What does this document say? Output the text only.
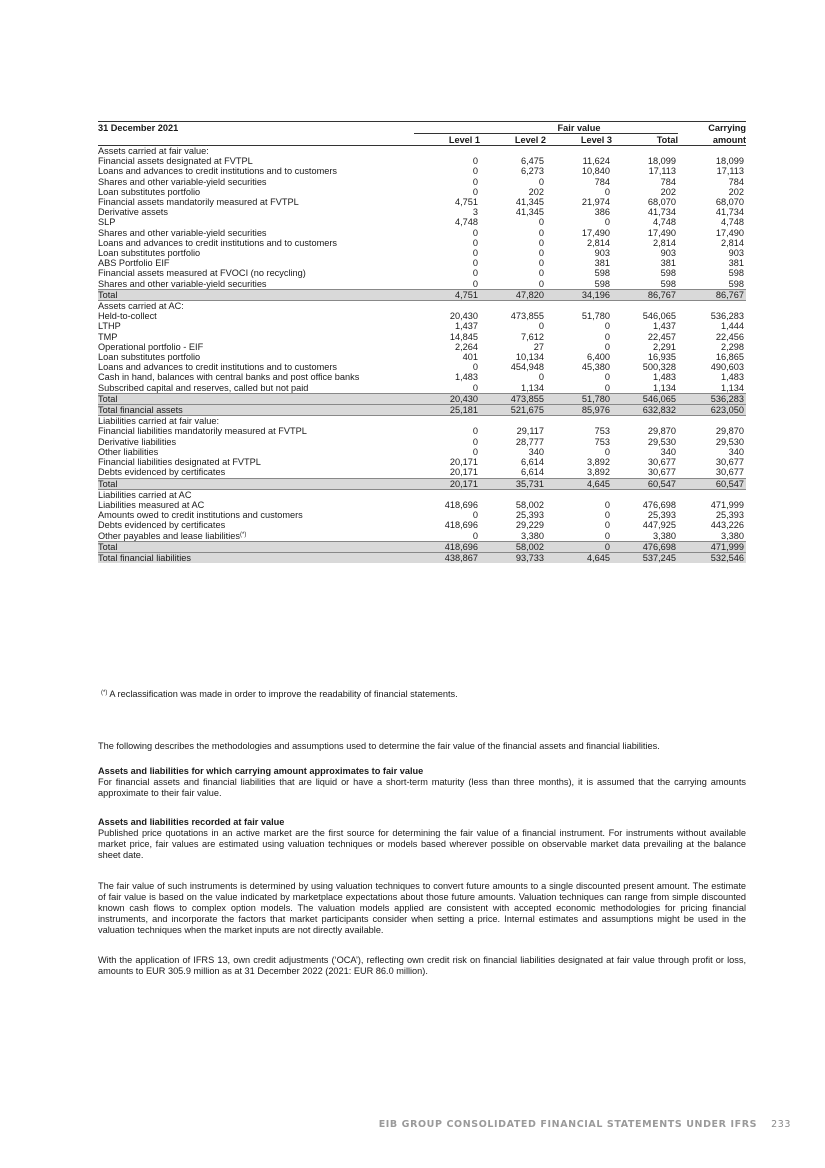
31 December 2021		Fair value			Carrying
	Level 1	Level 2	Level 3	Total	amount
Assets carried at fair value:					
Financial assets designated at FVTPL	0	6,475	11,624	18,099	18,099
Loans and advances to credit institutions and to customers	0	6,273	10,840	17,113	17,113
Shares and other variable-yield securities	0	0	784	784	784
Loan substitutes portfolio	0	202	0	202	202
Financial assets mandatorily measured at FVTPL	4,751	41,345	21,974	68,070	68,070
Derivative assets	3	41,345	386	41,734	41,734
SLP	4,748	0	0	4,748	4,748
Shares and other variable-yield securities	0	0	17,490	17,490	17,490
Loans and advances to credit institutions and to customers	0	0	2,814	2,814	2,814
Loan substitutes portfolio	0	0	903	903	903
ABS Portfolio EIF	0	0	381	381	381
Financial assets measured at FVOCI (no recycling)	0	0	598	598	598
Shares and other variable-yield securities	0	0	598	598	598
Total	4,751	47,820	34,196	86,767	86,767
Assets carried at AC:					
Held-to-collect	20,430	473,855	51,780	546,065	536,283
LTHP	1,437	0	0	1,437	1,444
TMP	14,845	7,612	0	22,457	22,456
Operational portfolio - EIF	2,264	27	0	2,291	2,298
Loan substitutes portfolio	401	10,134	6,400	16,935	16,865
Loans and advances to credit institutions and to customers	0	454,948	45,380	500,328	490,603
Cash in hand, balances with central banks and post office banks	1,483	0	0	1,483	1,483
Subscribed capital and reserves, called but not paid	0	1,134	0	1,134	1,134
Total	20,430	473,855	51,780	546,065	536,283
Total financial assets	25,181	521,675	85,976	632,832	623,050
Liabilities carried at fair value:					
Financial liabilities mandatorily measured at FVTPL	0	29,117	753	29,870	29,870
Derivative liabilities	0	28,777	753	29,530	29,530
Other liabilities	0	340	0	340	340
Financial liabilities designated at FVTPL	20,171	6,614	3,892	30,677	30,677
Debts evidenced by certificates	20,171	6,614	3,892	30,677	30,677
Total	20,171	35,731	4,645	60,547	60,547
Liabilities carried at AC					
Liabilities measured at AC	418,696	58,002	0	476,698	471,999
Amounts owed to credit institutions and customers	0	25,393	0	25,393	25,393
Debts evidenced by certificates	418,696	29,229	0	447,925	443,226
Other payables and lease liabilities(*)	0	3,380	0	3,380	3,380
Total	418,696	58,002	0	476,698	471,999
Total financial liabilities	438,867	93,733	4,645	537,245	532,546
(*) A reclassification was made in order to improve the readability of financial statements.
The following describes the methodologies and assumptions used to determine the fair value of the financial assets and financial liabilities.
Assets and liabilities for which carrying amount approximates to fair value
For financial assets and financial liabilities that are liquid or have a short-term maturity (less than three months), it is assumed that the carrying amounts approximate to their fair value.
Assets and liabilities recorded at fair value
Published price quotations in an active market are the first source for determining the fair value of a financial instrument. For instruments without available market price, fair values are estimated using valuation techniques or models based wherever possible on observable market data prevailing at the balance sheet date.
The fair value of such instruments is determined by using valuation techniques to convert future amounts to a single discounted present amount. The estimate of fair value is based on the value indicated by marketplace expectations about those future amounts. Valuation techniques can range from simple discounted known cash flows to complex option models. The valuation models applied are consistent with accepted economic methodologies for pricing financial instruments, and incorporate the factors that market participants consider when setting a price. Internal estimates and assumptions might be used in the valuation techniques when the market inputs are not directly available.
With the application of IFRS 13, own credit adjustments (‘OCA’), reflecting own credit risk on financial liabilities designated at fair value through profit or loss, amounts to EUR 305.9 million as at 31 December 2022 (2021: EUR 86.0 million).
EIB GROUP CONSOLIDATED FINANCIAL STATEMENTS UNDER IFRS 233
